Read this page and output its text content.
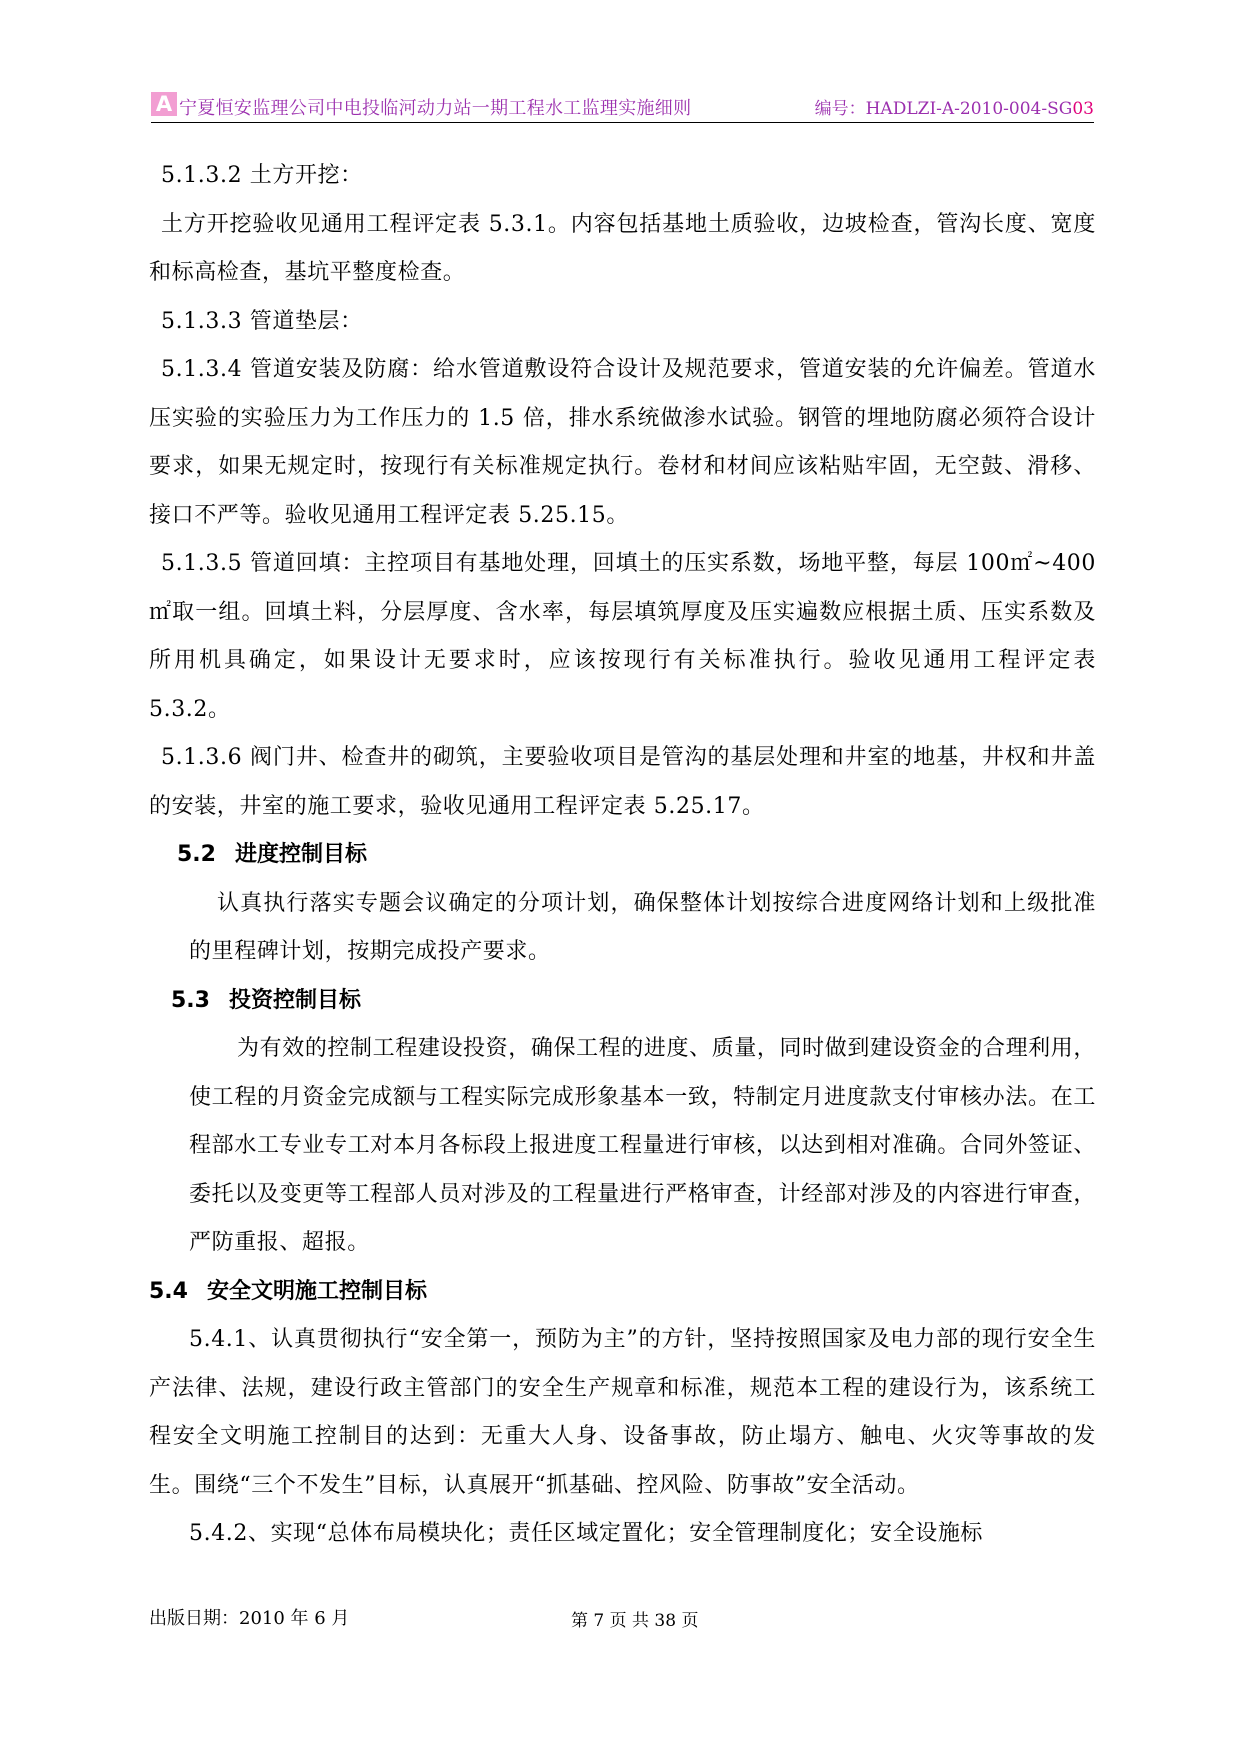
A 宁夏恒安监理公司中电投临河动力站一期工程水工监理实施细则	编号：HADLZⅠ-A-2010-004-SG03

5.1.3.2 土方开挖：

土方开挖验收见通用工程评定表 5.3.1。内容包括基地土质验收，边坡检查，管沟长度、宽度和标高检查，基坑平整度检查。

5.1.3.3 管道垫层：

5.1.3.4 管道安装及防腐：给水管道敷设符合设计及规范要求，管道安装的允许偏差。管道水压实验的实验压力为工作压力的 1.5 倍，排水系统做渗水试验。钢管的埋地防腐必须符合设计要求，如果无规定时，按现行有关标准规定执行。卷材和材间应该粘贴牢固，无空鼓、滑移、接口不严等。验收见通用工程评定表 5.25.15。

5.1.3.5 管道回填：主控项目有基地处理，回填土的压实系数，场地平整，每层 100㎡~400㎡取一组。回填土料，分层厚度、含水率，每层填筑厚度及压实遍数应根据土质、压实系数及所用机具确定，如果设计无要求时，应该按现行有关标准执行。验收见通用工程评定表 5.3.2。

5.1.3.6 阀门井、检查井的砌筑，主要验收项目是管沟的基层处理和井室的地基，井权和井盖的安装，井室的施工要求，验收见通用工程评定表 5.25.17。

5.2 进度控制目标

认真执行落实专题会议确定的分项计划，确保整体计划按综合进度网络计划和上级批准的里程碑计划，按期完成投产要求。

5.3 投资控制目标

为有效的控制工程建设投资，确保工程的进度、质量，同时做到建设资金的合理利用，使工程的月资金完成额与工程实际完成形象基本一致，特制定月进度款支付审核办法。在工程部水工专业专工对本月各标段上报进度工程量进行审核，以达到相对准确。合同外签证、委托以及变更等工程部人员对涉及的工程量进行严格审查，计经部对涉及的内容进行审查，严防重报、超报。

5.4 安全文明施工控制目标

5.4.1、认真贯彻执行“安全第一，预防为主”的方针，坚持按照国家及电力部的现行安全生产法律、法规，建设行政主管部门的安全生产规章和标准，规范本工程的建设行为，该系统工程安全文明施工控制目的达到：无重大人身、设备事故，防止塌方、触电、火灾等事故的发生。围绕“三个不发生”目标，认真展开“抓基础、控风险、防事故”安全活动。

5.4.2、实现“总体布局模块化；责任区域定置化；安全管理制度化；安全设施标

出版日期：2010 年 6 月	第 7 页 共 38 页
